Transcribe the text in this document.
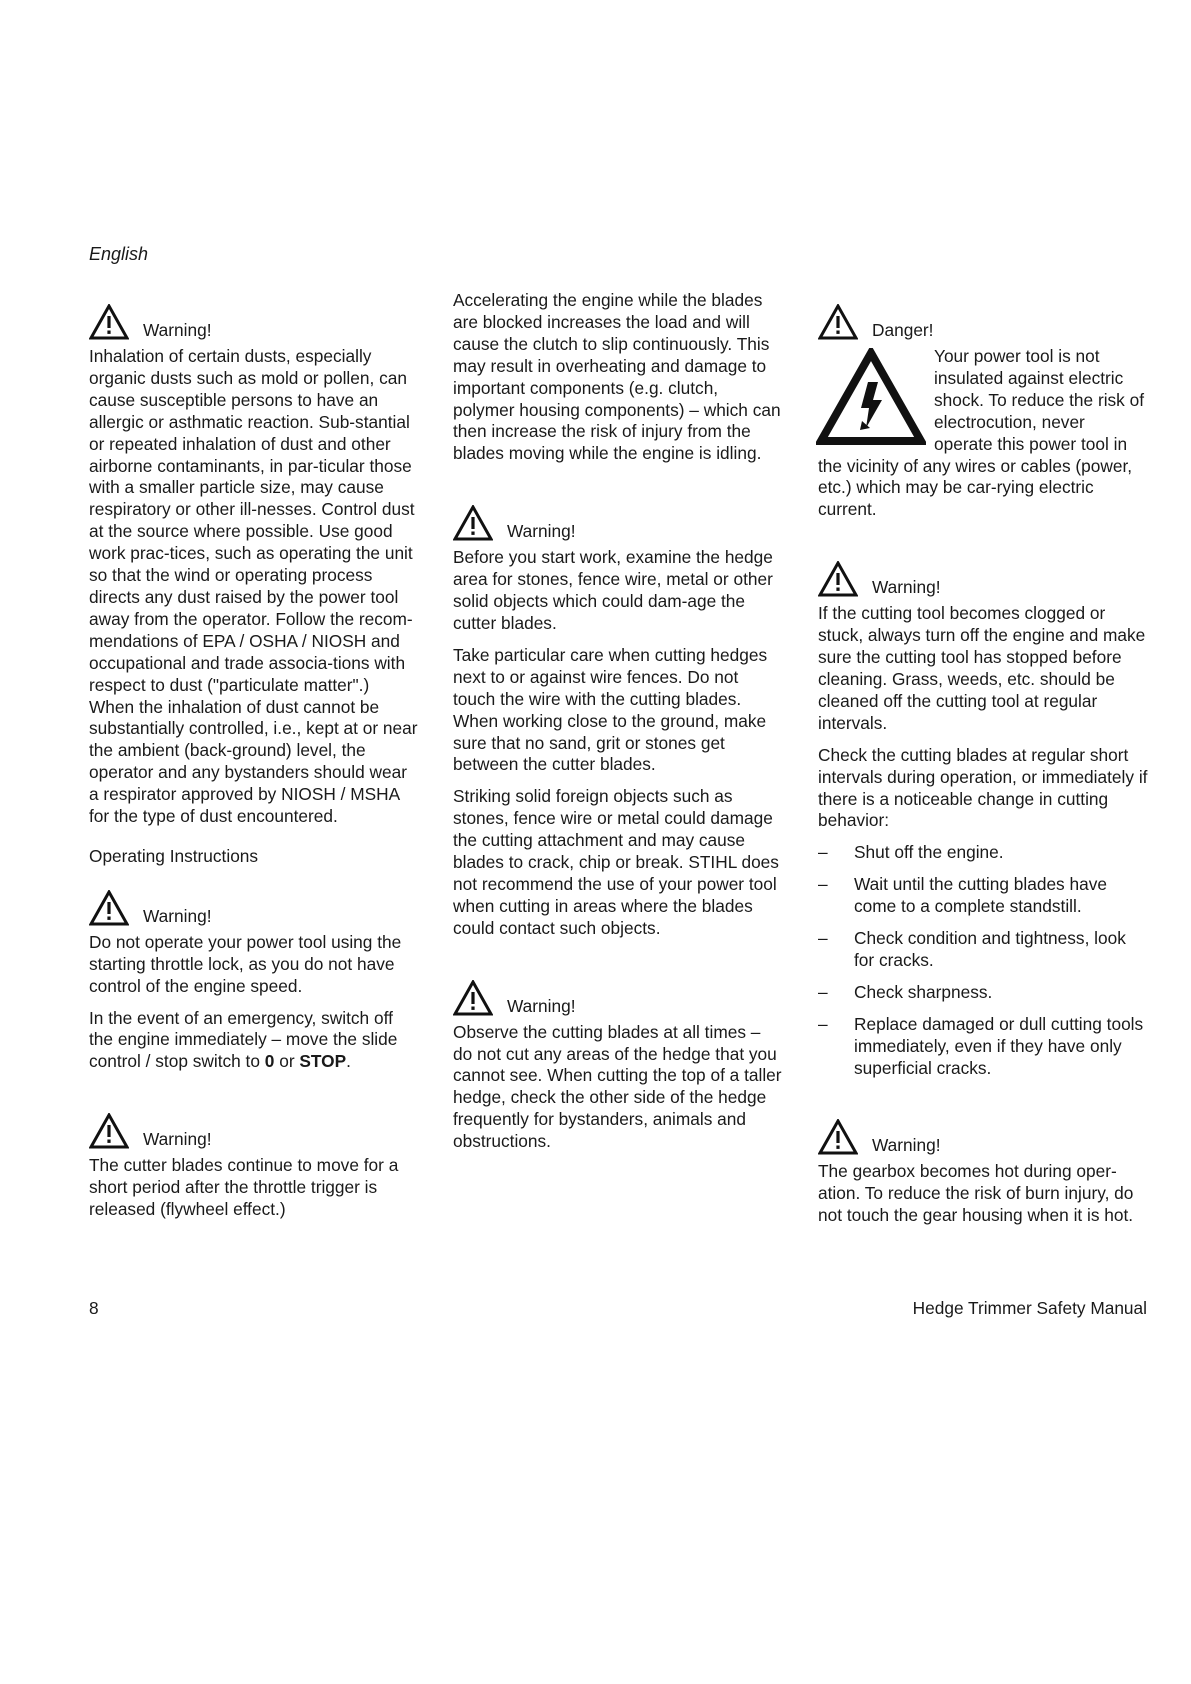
English
Warning!

Inhalation of certain dusts, especially organic dusts such as mold or pollen, can cause susceptible persons to have an allergic or asthmatic reaction. Sub-stantial or repeated inhalation of dust and other airborne contaminants, in par-ticular those with a smaller particle size, may cause respiratory or other ill-nesses. Control dust at the source where possible. Use good work prac-tices, such as operating the unit so that the wind or operating process directs any dust raised by the power tool away from the operator. Follow the recom-mendations of EPA / OSHA / NIOSH and occupational and trade associa-tions with respect to dust ("particulate matter".) When the inhalation of dust cannot be substantially controlled, i.e., kept at or near the ambient (back-ground) level, the operator and any bystanders should wear a respirator approved by NIOSH / MSHA for the type of dust encountered.

Operating Instructions

Warning!

Do not operate your power tool using the starting throttle lock, as you do not have control of the engine speed.

In the event of an emergency, switch off the engine immediately – move the slide control / stop switch to 0 or STOP.

Warning!

The cutter blades continue to move for a short period after the throttle trigger is released (flywheel effect.)

Accelerating the engine while the blades are blocked increases the load and will cause the clutch to slip continuously. This may result in overheating and damage to important components (e.g. clutch, polymer housing components) – which can then increase the risk of injury from the blades moving while the engine is idling.

Warning!

Before you start work, examine the hedge area for stones, fence wire, metal or other solid objects which could dam-age the cutter blades.

Take particular care when cutting hedges next to or against wire fences. Do not touch the wire with the cutting blades. When working close to the ground, make sure that no sand, grit or stones get between the cutter blades.

Striking solid foreign objects such as stones, fence wire or metal could damage the cutting attachment and may cause blades to crack, chip or break. STIHL does not recommend the use of your power tool when cutting in areas where the blades could contact such objects.

Warning!

Observe the cutting blades at all times – do not cut any areas of the hedge that you cannot see. When cutting the top of a taller hedge, check the other side of the hedge frequently for bystanders, animals and obstructions.

Danger!

Your power tool is not insulated against electric shock. To reduce the risk of electrocution, never operate this power tool in the vicinity of any wires or cables (power, etc.) which may be car-rying electric current.

Warning!

If the cutting tool becomes clogged or stuck, always turn off the engine and make sure the cutting tool has stopped before cleaning. Grass, weeds, etc. should be cleaned off the cutting tool at regular intervals.

Check the cutting blades at regular short intervals during operation, or immediately if there is a noticeable change in cutting behavior:

– Shut off the engine.
– Wait until the cutting blades have come to a complete standstill.
– Check condition and tightness, look for cracks.
– Check sharpness.
– Replace damaged or dull cutting tools immediately, even if they have only superficial cracks.
Warning!

The gearbox becomes hot during oper-ation. To reduce the risk of burn injury, do not touch the gear housing when it is hot.

8	Hedge Trimmer Safety Manual
